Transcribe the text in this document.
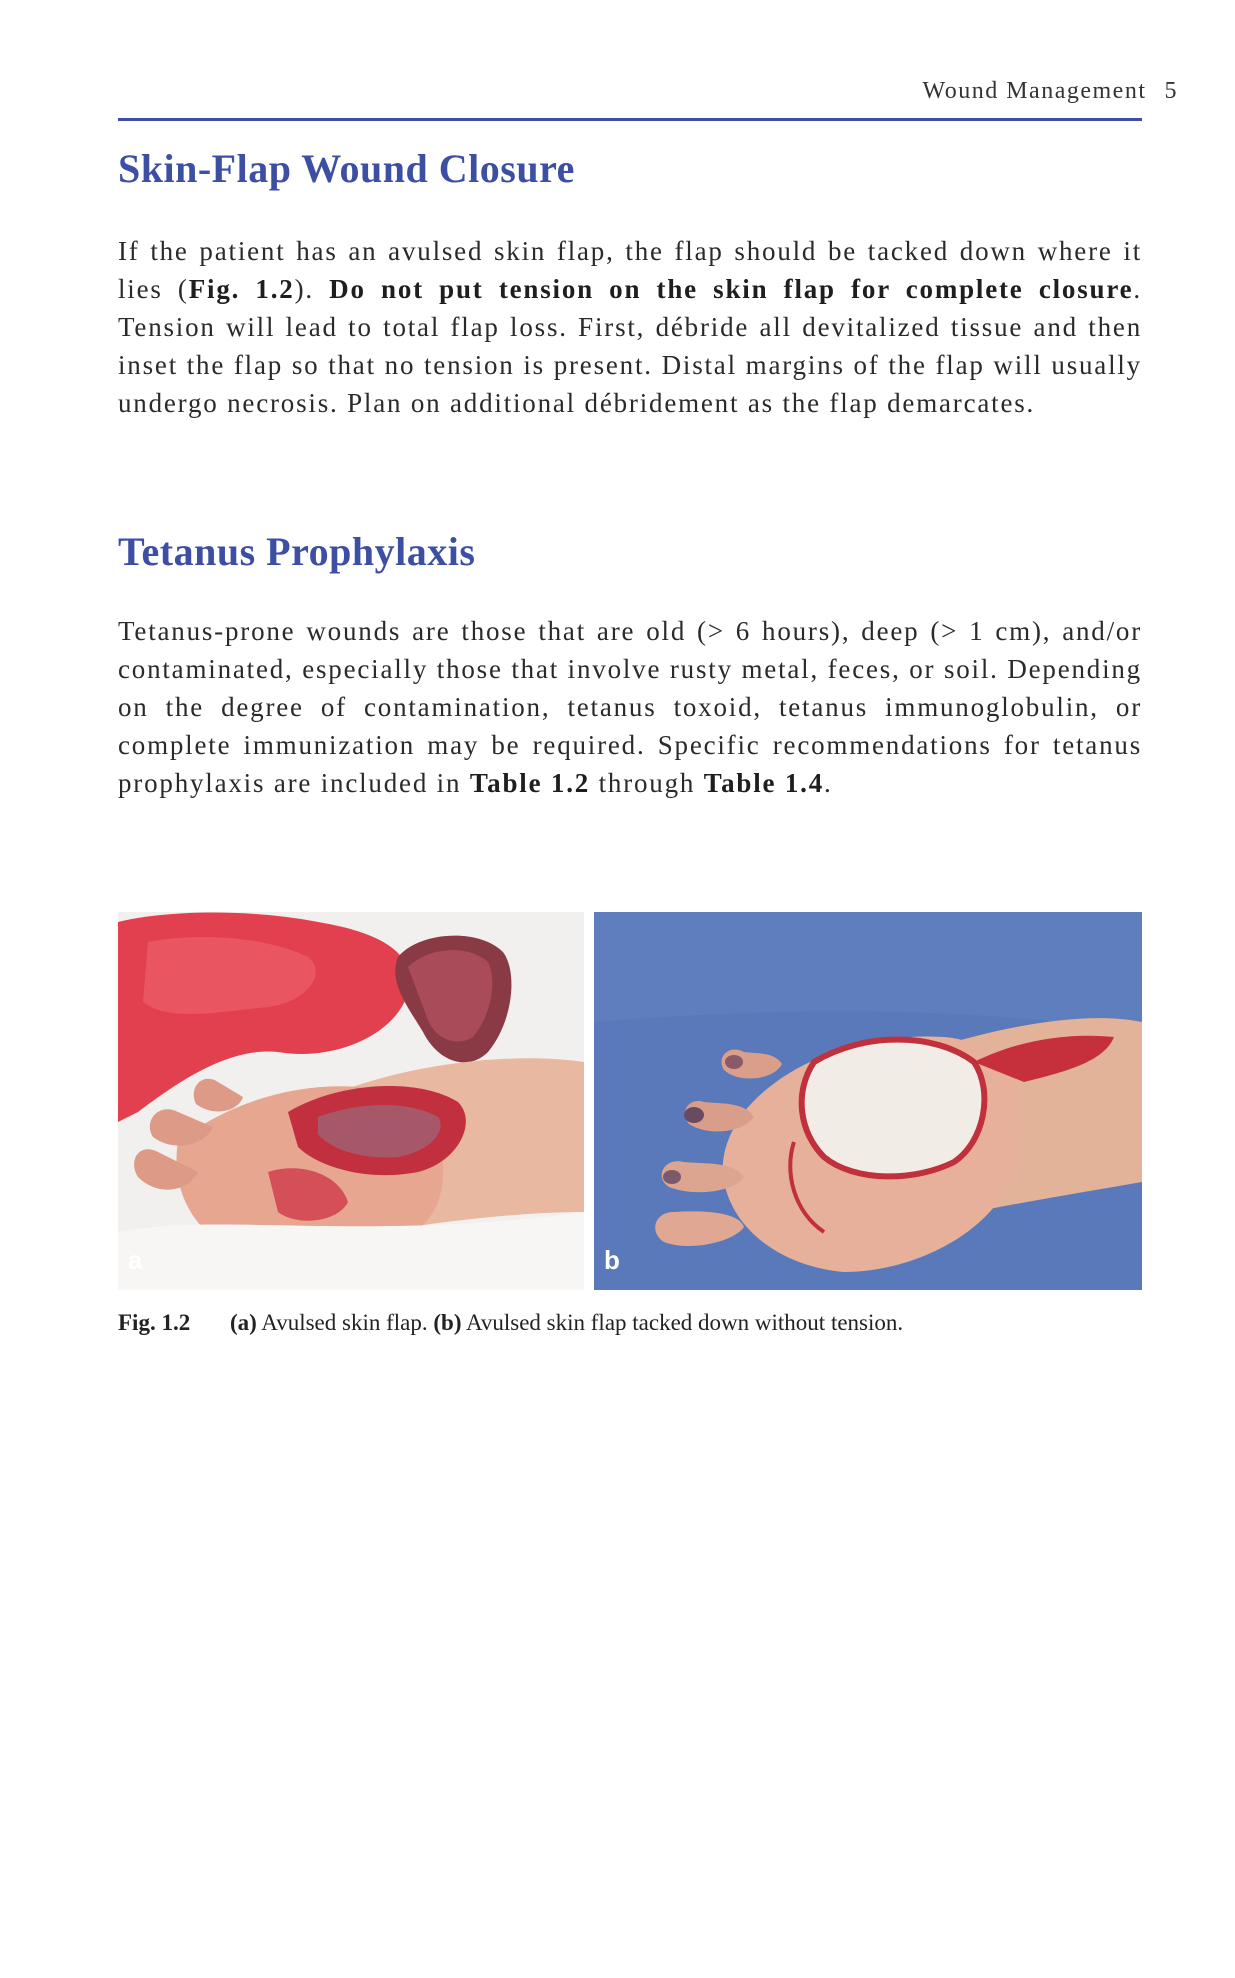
Wound Management 5
Skin-Flap Wound Closure

If the patient has an avulsed skin flap, the flap should be tacked down where it lies (Fig. 1.2). Do not put tension on the skin flap for complete closure. Tension will lead to total flap loss. First, débride all devitalized tissue and then inset the flap so that no tension is present. Distal margins of the flap will usually undergo necrosis. Plan on additional débridement as the flap demarcates.

Tetanus Prophylaxis

Tetanus-prone wounds are those that are old (> 6 hours), deep (> 1 cm), and/or contaminated, especially those that involve rusty metal, feces, or soil. Depending on the degree of contamination, tetanus toxoid, tetanus immunoglobulin, or complete immunization may be required. Specific recommendations for tetanus prophylaxis are included in Table 1.2 through Table 1.4.

a	b

Fig. 1.2 (a) Avulsed skin flap. (b) Avulsed skin flap tacked down without tension.
